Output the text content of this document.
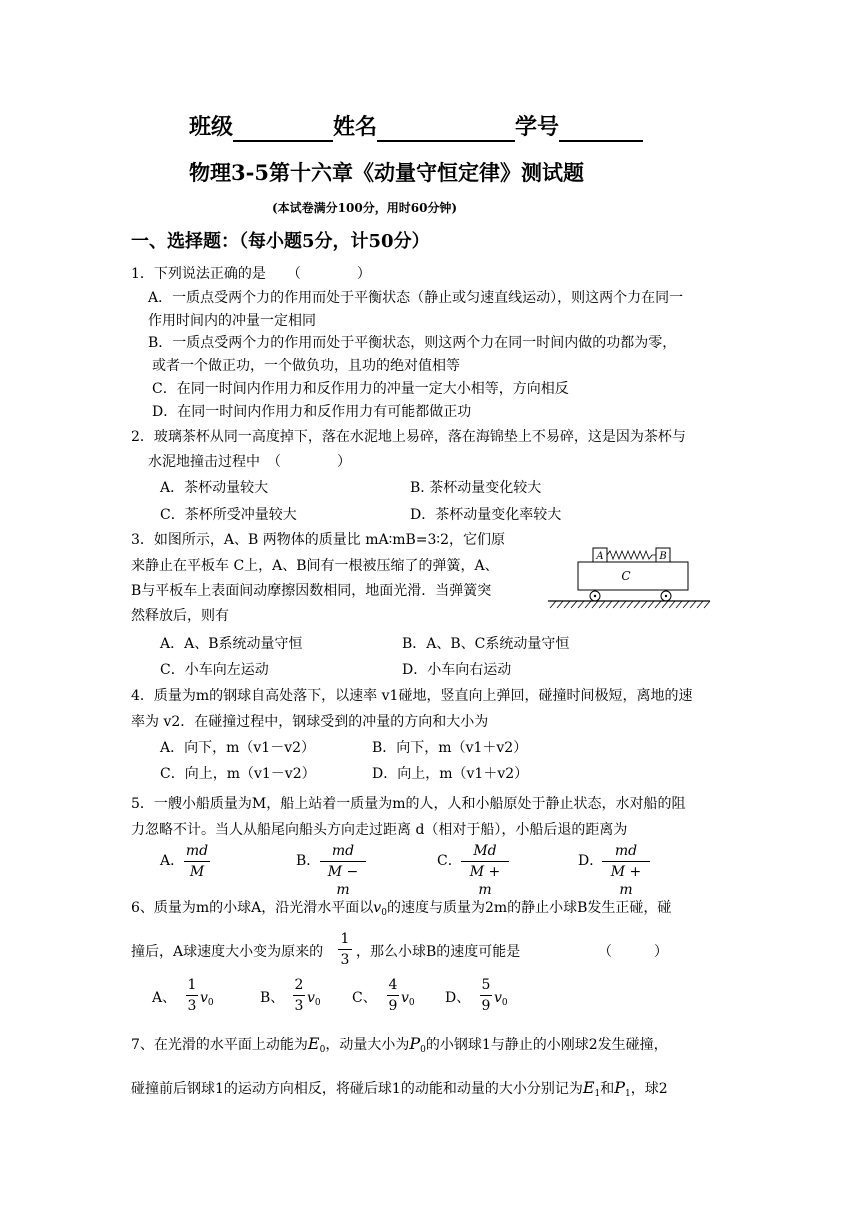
班级	姓名	学号
物理3-5第十六章《动量守恒定律》测试题
(本试卷满分100分，用时60分钟)
一、选择题：（每小题5分，计50分）
1．下列说法正确的是　　（　　　　）
A．一质点受两个力的作用而处于平衡状态（静止或匀速直线运动），则这两个力在同一
作用时间内的冲量一定相同
B．一质点受两个力的作用而处于平衡状态，则这两个力在同一时间内做的功都为零，
或者一个做正功，一个做负功，且功的绝对值相等
C．在同一时间内作用力和反作用力的冲量一定大小相等，方向相反
D．在同一时间内作用力和反作用力有可能都做正功
2．玻璃茶杯从同一高度掉下，落在水泥地上易碎，落在海锦垫上不易碎，这是因为茶杯与
水泥地撞击过程中　（　　　　）
A．茶杯动量较大	B. 茶杯动量变化较大
C．茶杯所受冲量较大	D．茶杯动量变化率较大
3．如图所示，A、B 两物体的质量比 mA∶mB=3∶2，它们原
来静止在平板车 C上，A、B间有一根被压缩了的弹簧，A、
B与平板车上表面间动摩擦因数相同，地面光滑．当弹簧突
然释放后，则有
A	B
C
A．A、B系统动量守恒	B．A、B、C系统动量守恒
C．小车向左运动	D．小车向右运动
4．质量为m的钢球自高处落下，以速率 v1碰地，竖直向上弹回，碰撞时间极短，离地的速
率为 v2．在碰撞过程中，钢球受到的冲量的方向和大小为
A．向下，m（v1－v2）	B．向下，m（v1＋v2）
C．向上，m（v1－v2）	D．向上，m（v1＋v2）
5．一艘小船质量为M，船上站着一质量为m的人，人和小船原处于静止状态，水对船的阻
力忽略不计。当人从船尾向船头方向走过距离 d（相对于船），小船后退的距离为
A．
md
M
B．
md
M − m
C．
Md
M + m
D．
md
M + m
6、质量为m的小球A，沿光滑水平面以$v_0$的速度与质量为2m的静止小球B发生正碰，碰
撞后，A球速度大小变为原来的
1
3 ，那么小球B的速度可能是	（　　　）
A、
1
3 $v_0$	B、
2
3 $v_0$ C、
4
9 $v_0$ D、
5
9 $v_0$
7、在光滑的水平面上动能为$E_0$，动量大小为$P_0$的小钢球1与静止的小刚球2发生碰撞，
碰撞前后钢球1的运动方向相反，将碰后球1的动能和动量的大小分别记为$E_1$和$P_1$，球2
